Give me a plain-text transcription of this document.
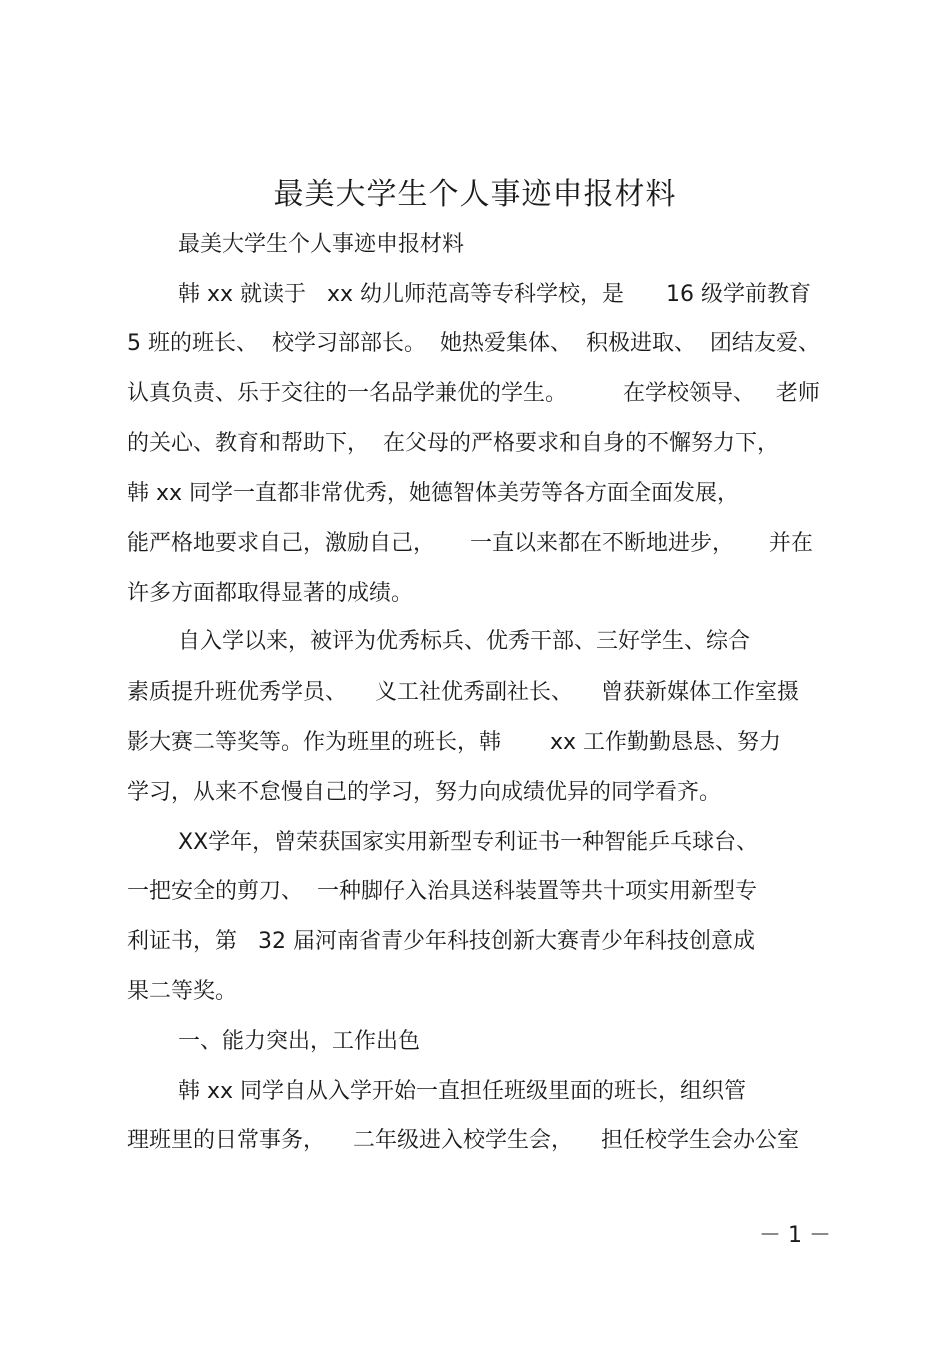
最美大学生个人事迹申报材料
最美大学生个人事迹申报材料
韩 xx 就读于   xx 幼儿师范高等专科学校，是      16 级学前教育
5 班的班长、  校学习部部长。  她热爱集体、  积极进取、  团结友爱、
认真负责、乐于交往的一名品学兼优的学生。        在学校领导、   老师
的关心、教育和帮助下，  在父母的严格要求和自身的不懈努力下，
韩 xx 同学一直都非常优秀，她德智体美劳等各方面全面发展，
能严格地要求自己，激励自己，     一直以来都在不断地进步，     并在
许多方面都取得显著的成绩。
自入学以来，被评为优秀标兵、优秀干部、三好学生、综合
素质提升班优秀学员、    义工社优秀副社长、    曾获新媒体工作室摄
影大赛二等奖等。作为班里的班长，韩       xx 工作勤勤恳恳、努力
学习，从来不怠慢自己的学习，努力向成绩优异的同学看齐。
XX学年，曾荣获国家实用新型专利证书一种智能乒乓球台、
一把安全的剪刀、  一种脚仔入治具送科装置等共十项实用新型专
利证书，第   32 届河南省青少年科技创新大赛青少年科技创意成
果二等奖。
一、能力突出，工作出色
韩 xx 同学自从入学开始一直担任班级里面的班长，组织管
理班里的日常事务，    二年级进入校学生会，    担任校学生会办公室
－ 1 －
